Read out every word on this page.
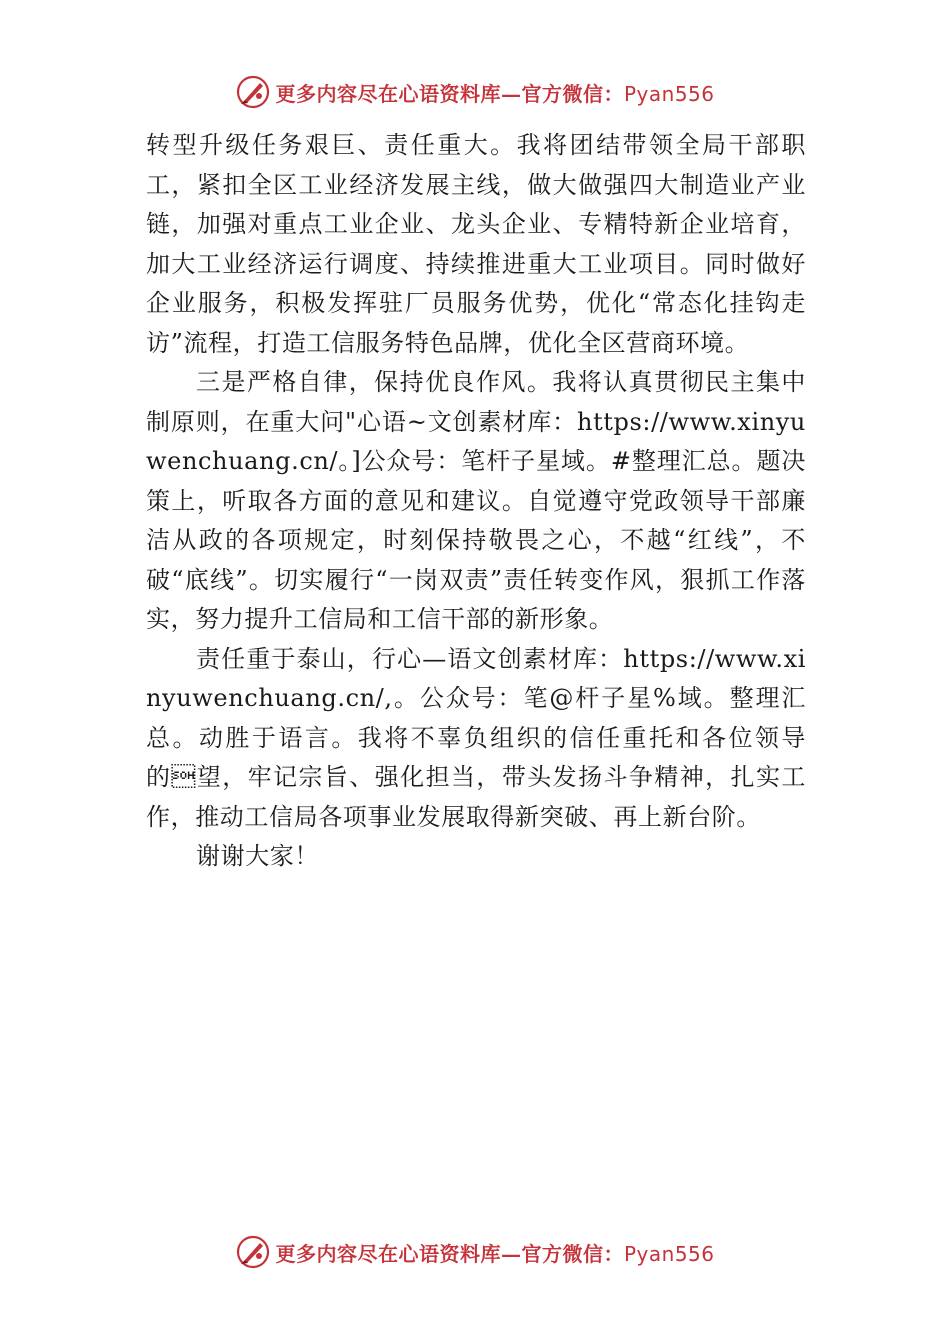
更多内容尽在心语资料库—官方微信：Pyan556

转型升级任务艰巨、责任重大。我将团结带领全局干部职工，紧扣全区工业经济发展主线，做大做强四大制造业产业链，加强对重点工业企业、龙头企业、专精特新企业培育，加大工业经济运行调度、持续推进重大工业项目。同时做好企业服务，积极发挥驻厂员服务优势，优化“常态化挂钩走访”流程，打造工信服务特色品牌，优化全区营商环境。

三是严格自律，保持优良作风。我将认真贯彻民主集中制原则，在重大问"心语~文创素材库：https://www.xinyuwenchuang.cn/。]公众号：笔杆子星域。#整理汇总。题决策上，听取各方面的意见和建议。自觉遵守党政领导干部廉洁从政的各项规定，时刻保持敬畏之心，不越“红线”，不破“底线”。切实履行“一岗双责”责任转变作风，狠抓工作落实，努力提升工信局和工信干部的新形象。

责任重于泰山，行心—语文创素材库：https://www.xinyuwenchuang.cn/,。公众号：笔@杆子星%域。整理汇总。动胜于语言。我将不辜负组织的信任重托和各位领导的望，牢记宗旨、强化担当，带头发扬斗争精神，扎实工作，推动工信局各项事业发展取得新突破、再上新台阶。

谢谢大家！

更多内容尽在心语资料库—官方微信：Pyan556
